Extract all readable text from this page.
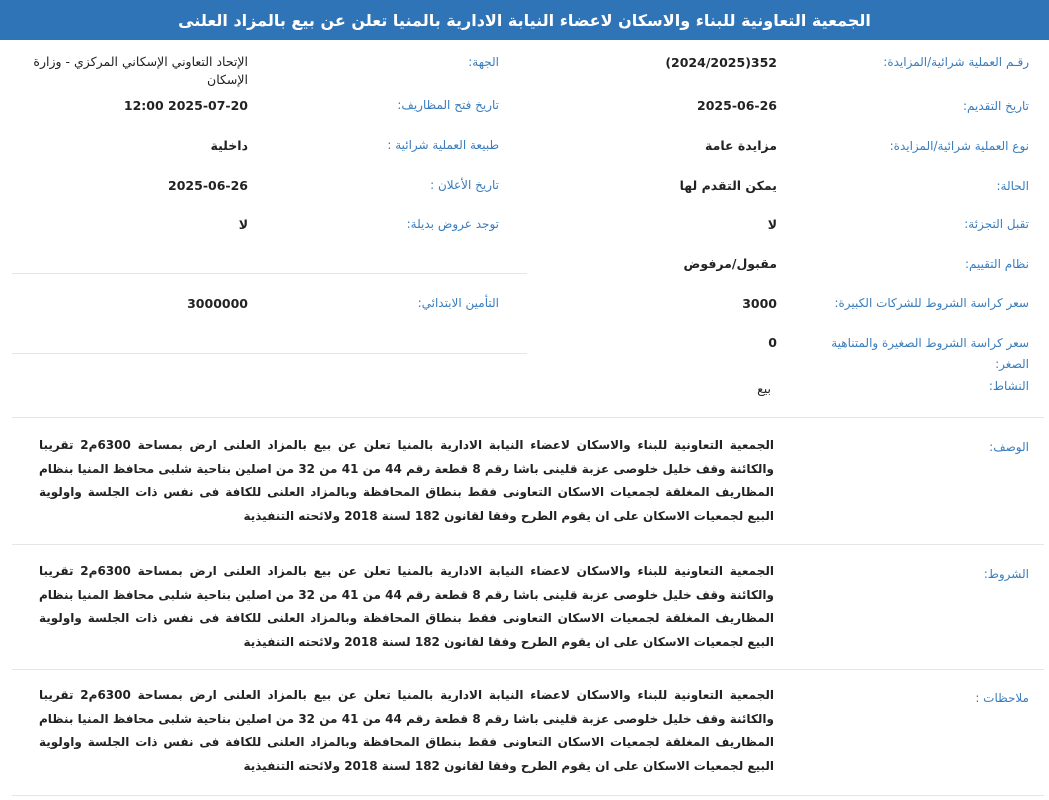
الجمعية التعاونية للبناء والاسكان لاعضاء النيابة الادارية بالمنيا تعلن عن بيع بالمزاد العلنى
رقـم العملية شرائية/المزايدة:
تاريخ التقديم:
نوع العملية شرائية/المزايدة:
الحالة:
تقبل التجزئة:
نظام التقييم:
سعر كراسة الشروط للشركات الكبيرة:
سعر كراسة الشروط الصغيرة والمتناهية الصغر:
النشاط:
352(2024/2025)
2025-06-26
مزايدة عامة
يمكن التقدم لها
لا
مقبول/مرفوض
3000
0
بيع
الجهة:
تاريخ فتح المظاريف:
طبيعة العملية شرائية :
تاريخ الأعلان :
توجد عروض بديلة:
التأمين الابتدائي:
الإتحاد التعاوني الإسكاني المركزي - وزارة الإسكان
2025-07-20 12:00
داخلية
2025-06-26
لا
3000000
الوصف:
الجمعية التعاونية للبناء والاسكان لاعضاء النيابة الادارية بالمنيا تعلن عن بيع بالمزاد العلنى ارض بمساحة 6300م2 تقريبا والكائنة وقف خليل خلوصى عزبة قلينى باشا رقم 8 قطعة رقم 44 من 41 من 32 من اصلين بناحية شلبى محافظ المنيا بنظام المظاريف المغلقة لجمعيات الاسكان التعاونى فقط بنطاق المحافظة وبالمزاد العلنى للكافة فى نفس ذات الجلسة واولوية البيع لجمعيات الاسكان على ان يقوم الطرح وفقا لقانون 182 لسنة 2018 ولائحته التنفيذية
الشروط:
الجمعية التعاونية للبناء والاسكان لاعضاء النيابة الادارية بالمنيا تعلن عن بيع بالمزاد العلنى ارض بمساحة 6300م2 تقريبا والكائنة وقف خليل خلوصى عزبة قلينى باشا رقم 8 قطعة رقم 44 من 41 من 32 من اصلين بناحية شلبى محافظ المنيا بنظام المظاريف المغلقة لجمعيات الاسكان التعاونى فقط بنطاق المحافظة وبالمزاد العلنى للكافة فى نفس ذات الجلسة واولوية البيع لجمعيات الاسكان على ان يقوم الطرح وفقا لقانون 182 لسنة 2018 ولائحته التنفيذية
ملاحظات :
الجمعية التعاونية للبناء والاسكان لاعضاء النيابة الادارية بالمنيا تعلن عن بيع بالمزاد العلنى ارض بمساحة 6300م2 تقريبا والكائنة وقف خليل خلوصى عزبة قلينى باشا رقم 8 قطعة رقم 44 من 41 من 32 من اصلين بناحية شلبى محافظ المنيا بنظام المظاريف المغلقة لجمعيات الاسكان التعاونى فقط بنطاق المحافظة وبالمزاد العلنى للكافة فى نفس ذات الجلسة واولوية البيع لجمعيات الاسكان على ان يقوم الطرح وفقا لقانون 182 لسنة 2018 ولائحته التنفيذية
